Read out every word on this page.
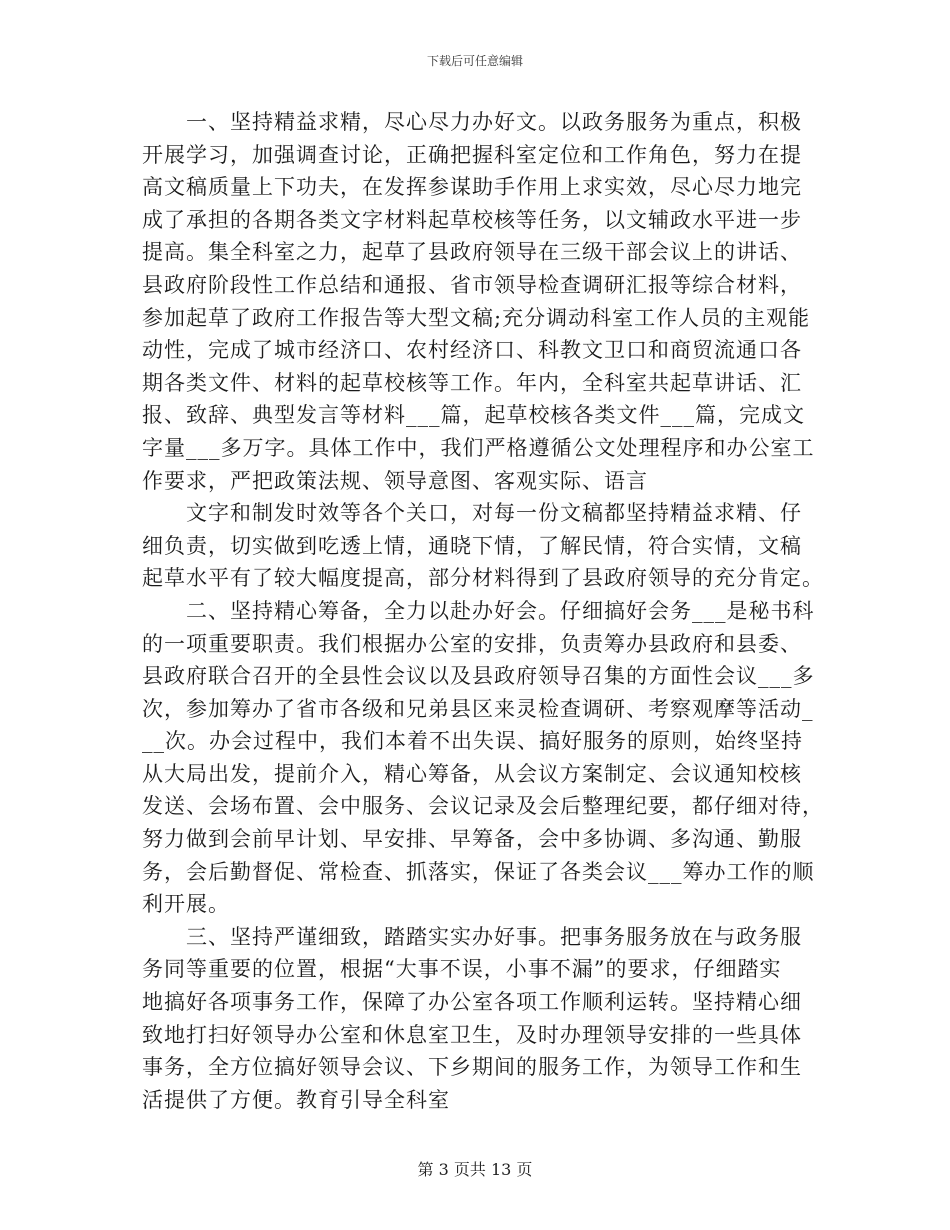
下载后可任意编辑

　　一、坚持精益求精，尽心尽力办好文。以政务服务为重点，积极
开展学习，加强调查讨论，正确把握科室定位和工作角色，努力在提
高文稿质量上下功夫，在发挥参谋助手作用上求实效，尽心尽力地完
成了承担的各期各类文字材料起草校核等任务，以文辅政水平进一步
提高。集全科室之力，起草了县政府领导在三级干部会议上的讲话、
县政府阶段性工作总结和通报、省市领导检查调研汇报等综合材料，
参加起草了政府工作报告等大型文稿;充分调动科室工作人员的主观能
动性，完成了城市经济口、农村经济口、科教文卫口和商贸流通口各
期各类文件、材料的起草校核等工作。年内，全科室共起草讲话、汇
报、致辞、典型发言等材料___篇，起草校核各类文件___篇，完成文
字量___多万字。具体工作中，我们严格遵循公文处理程序和办公室工
作要求，严把政策法规、领导意图、客观实际、语言

　　文字和制发时效等各个关口，对每一份文稿都坚持精益求精、仔
细负责，切实做到吃透上情，通晓下情，了解民情，符合实情，文稿
起草水平有了较大幅度提高，部分材料得到了县政府领导的充分肯定。

　　二、坚持精心筹备，全力以赴办好会。仔细搞好会务___是秘书科
的一项重要职责。我们根据办公室的安排，负责筹办县政府和县委、
县政府联合召开的全县性会议以及县政府领导召集的方面性会议___多
次，参加筹办了省市各级和兄弟县区来灵检查调研、考察观摩等活动_
__次。办会过程中，我们本着不出失误、搞好服务的原则，始终坚持
从大局出发，提前介入，精心筹备，从会议方案制定、会议通知校核
发送、会场布置、会中服务、会议记录及会后整理纪要，都仔细对待，
努力做到会前早计划、早安排、早筹备，会中多协调、多沟通、勤服
务，会后勤督促、常检查、抓落实，保证了各类会议___筹办工作的顺
利开展。

　　三、坚持严谨细致，踏踏实实办好事。把事务服务放在与政务服
务同等重要的位置，根据“大事不误，小事不漏”的要求，仔细踏实
地搞好各项事务工作，保障了办公室各项工作顺利运转。坚持精心细
致地打扫好领导办公室和休息室卫生，及时办理领导安排的一些具体
事务，全方位搞好领导会议、下乡期间的服务工作，为领导工作和生
活提供了方便。教育引导全科室

第 3 页共 13 页
